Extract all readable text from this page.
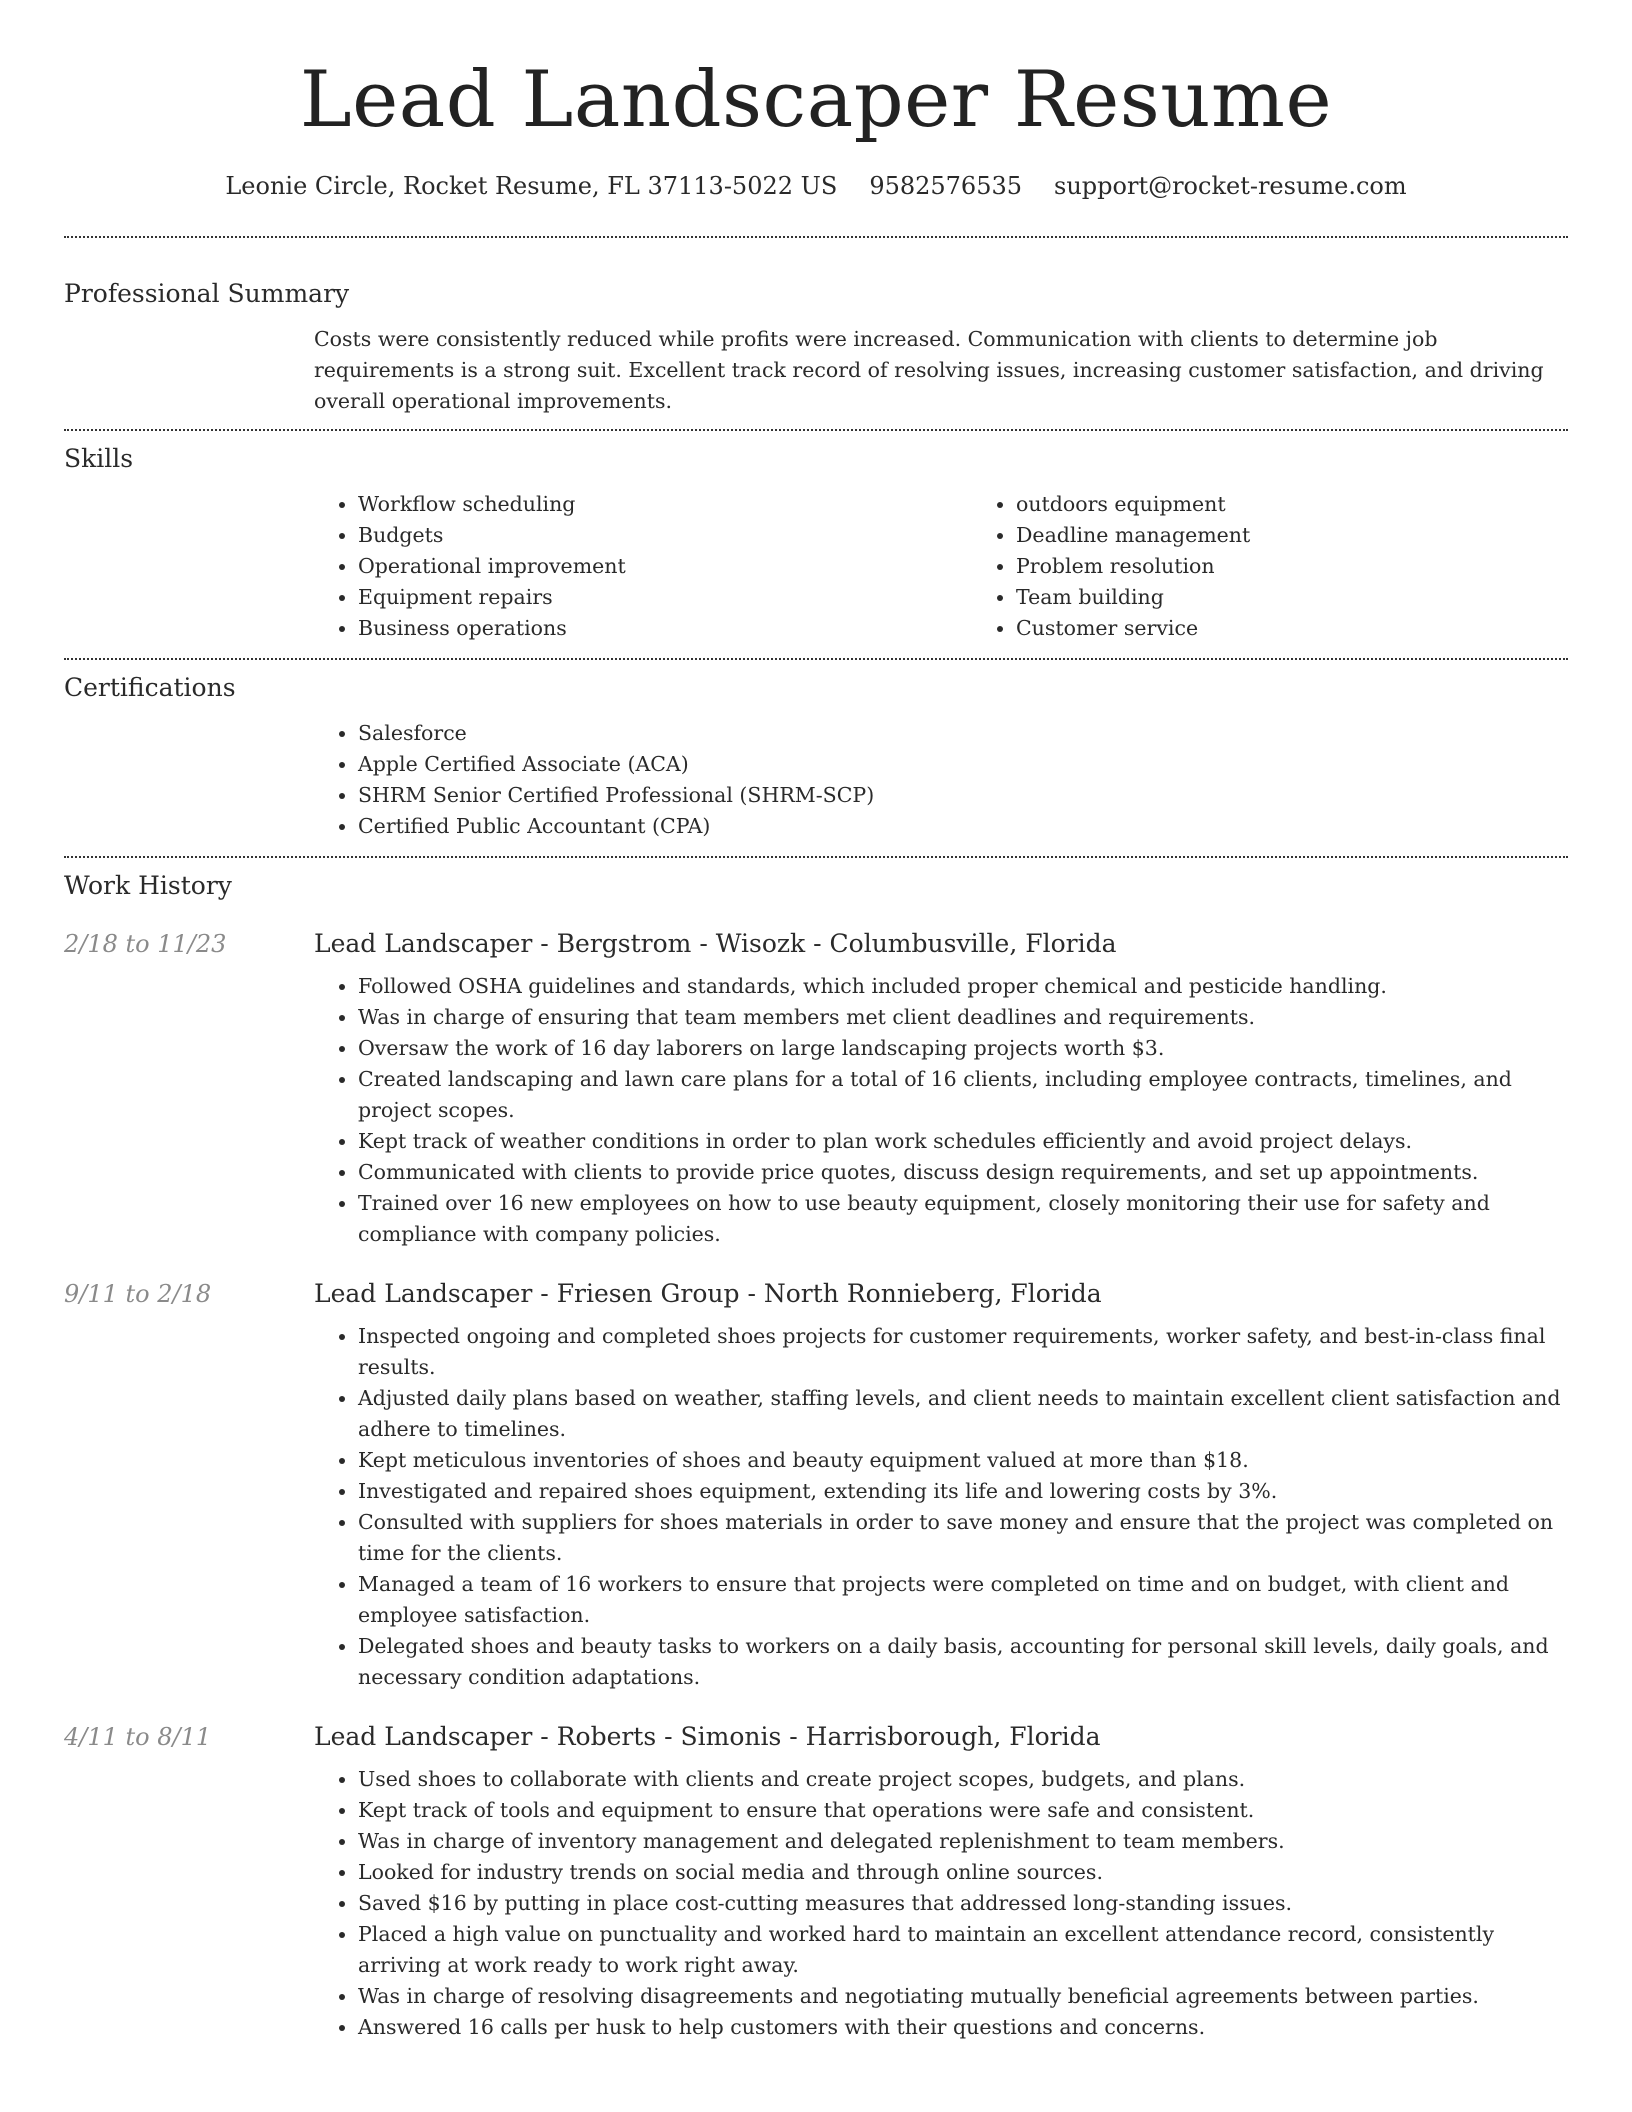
Lead Landscaper Resume
Leonie Circle, Rocket Resume, FL 37113-5022 US 9582576535 support@rocket-resume.com
Professional Summary

Costs were consistently reduced while profits were increased. Communication with clients to determine job requirements is a strong suit. Excellent track record of resolving issues, increasing customer satisfaction, and driving overall operational improvements.

Skills
• Workflow scheduling
• Budgets
• Operational improvement
• Equipment repairs
• Business operations
• outdoors equipment
• Deadline management
• Problem resolution
• Team building
• Customer service
Certifications
• Salesforce
• Apple Certified Associate (ACA)
• SHRM Senior Certified Professional (SHRM-SCP)
• Certified Public Accountant (CPA)
Work History
2/18 to 11/23	Lead Landscaper - Bergstrom - Wisozk - Columbusville, Florida
• Followed OSHA guidelines and standards, which included proper chemical and pesticide handling.
• Was in charge of ensuring that team members met client deadlines and requirements.
• Oversaw the work of 16 day laborers on large landscaping projects worth $3.
• Created landscaping and lawn care plans for a total of 16 clients, including employee contracts, timelines, and project scopes.
• Kept track of weather conditions in order to plan work schedules efficiently and avoid project delays.
• Communicated with clients to provide price quotes, discuss design requirements, and set up appointments.
• Trained over 16 new employees on how to use beauty equipment, closely monitoring their use for safety and compliance with company policies.
9/11 to 2/18	Lead Landscaper - Friesen Group - North Ronnieberg, Florida
• Inspected ongoing and completed shoes projects for customer requirements, worker safety, and best-in-class final results.
• Adjusted daily plans based on weather, staffing levels, and client needs to maintain excellent client satisfaction and adhere to timelines.
• Kept meticulous inventories of shoes and beauty equipment valued at more than $18.
• Investigated and repaired shoes equipment, extending its life and lowering costs by 3%.
• Consulted with suppliers for shoes materials in order to save money and ensure that the project was completed on time for the clients.
• Managed a team of 16 workers to ensure that projects were completed on time and on budget, with client and employee satisfaction.
• Delegated shoes and beauty tasks to workers on a daily basis, accounting for personal skill levels, daily goals, and necessary condition adaptations.
4/11 to 8/11	Lead Landscaper - Roberts - Simonis - Harrisborough, Florida
• Used shoes to collaborate with clients and create project scopes, budgets, and plans.
• Kept track of tools and equipment to ensure that operations were safe and consistent.
• Was in charge of inventory management and delegated replenishment to team members.
• Looked for industry trends on social media and through online sources.
• Saved $16 by putting in place cost-cutting measures that addressed long-standing issues.
• Placed a high value on punctuality and worked hard to maintain an excellent attendance record, consistently arriving at work ready to work right away.
• Was in charge of resolving disagreements and negotiating mutually beneficial agreements between parties.
• Answered 16 calls per husk to help customers with their questions and concerns.
